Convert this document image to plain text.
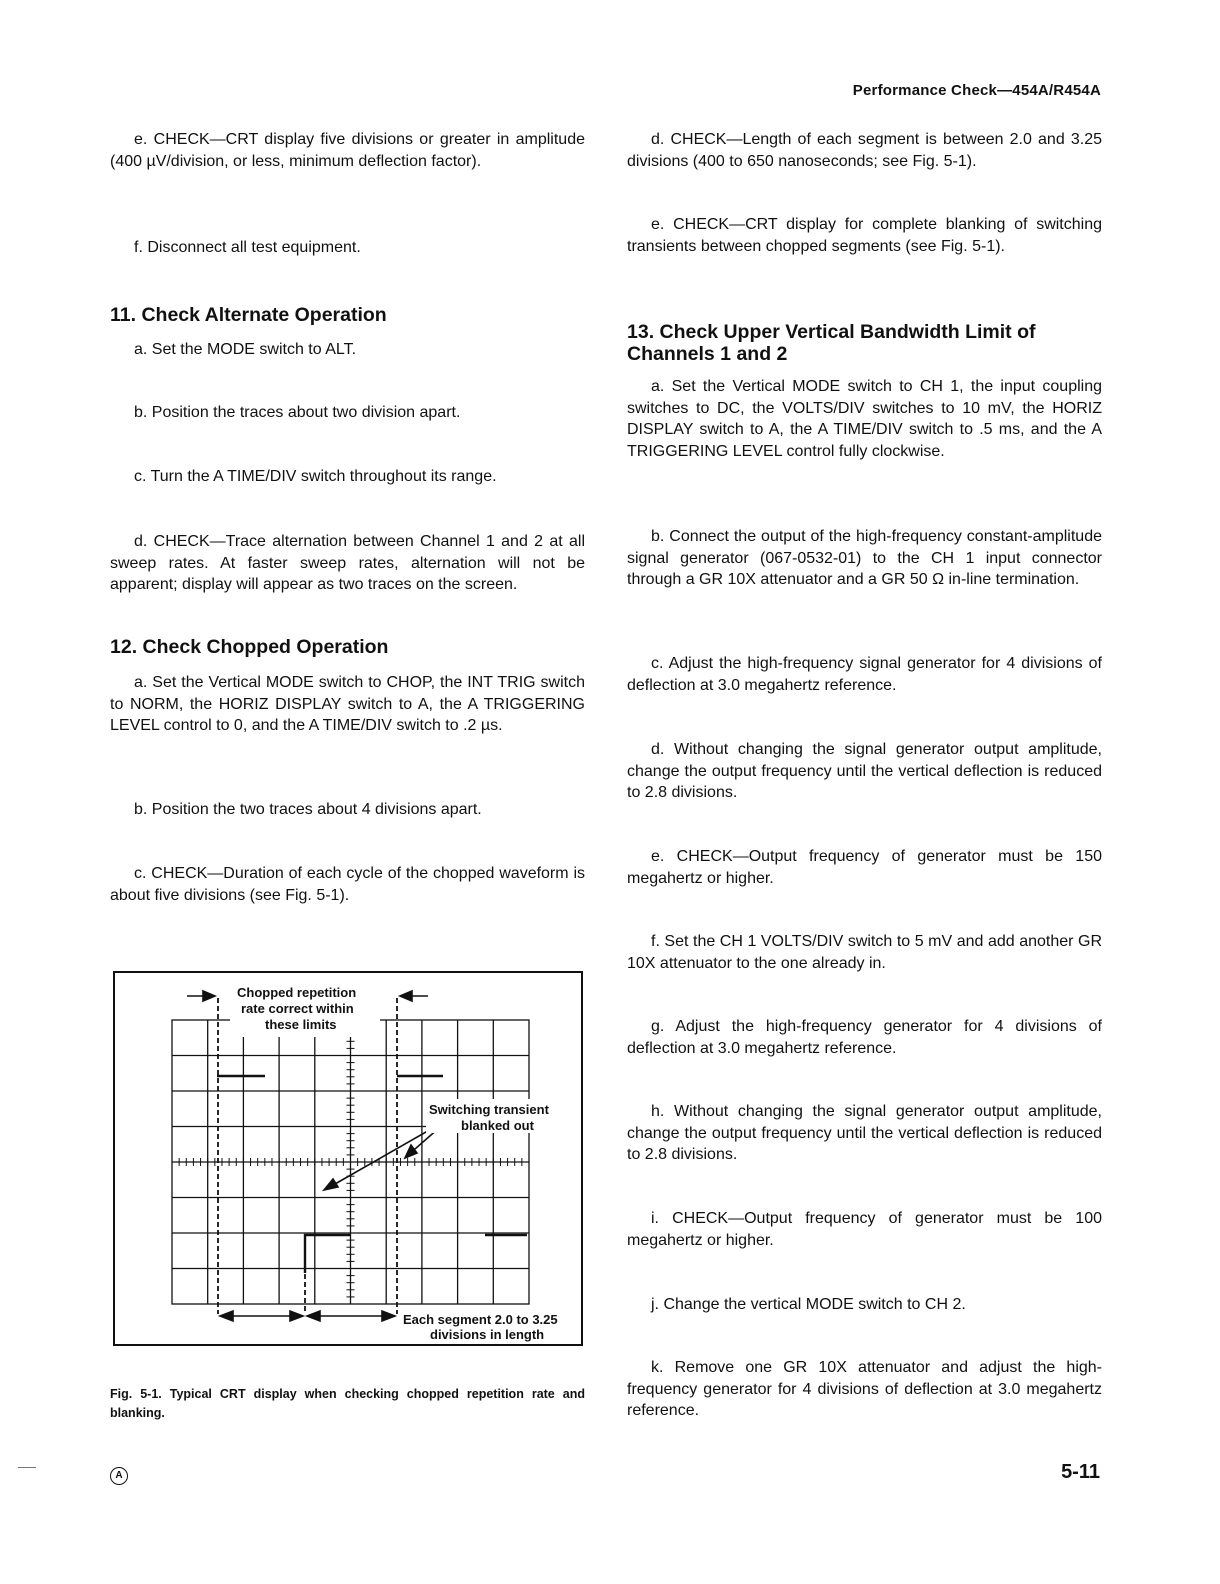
Performance Check—454A/R454A

e. CHECK—CRT display five divisions or greater in amplitude (400 µV/division, or less, minimum deflection factor).

f. Disconnect all test equipment.

11. Check Alternate Operation

a. Set the MODE switch to ALT.

b. Position the traces about two division apart.

c. Turn the A TIME/DIV switch throughout its range.

d. CHECK—Trace alternation between Channel 1 and 2 at all sweep rates. At faster sweep rates, alternation will not be apparent; display will appear as two traces on the screen.

12. Check Chopped Operation

a. Set the Vertical MODE switch to CHOP, the INT TRIG switch to NORM, the HORIZ DISPLAY switch to A, the A TRIGGERING LEVEL control to 0, and the A TIME/DIV switch to .2 µs.

b. Position the two traces about 4 divisions apart.

c. CHECK—Duration of each cycle of the chopped waveform is about five divisions (see Fig. 5-1).

Fig. 5-1. Typical CRT display when checking chopped repetition rate and blanking.
Chopped repetition
rate correct within
these limits
Switching transient
blanked out
Each segment 2.0 to 3.25
divisions in length

d. CHECK—Length of each segment is between 2.0 and 3.25 divisions (400 to 650 nanoseconds; see Fig. 5-1).

e. CHECK—CRT display for complete blanking of switching transients between chopped segments (see Fig. 5-1).

13. Check Upper Vertical Bandwidth Limit of Channels 1 and 2

a. Set the Vertical MODE switch to CH 1, the input coupling switches to DC, the VOLTS/DIV switches to 10 mV, the HORIZ DISPLAY switch to A, the A TIME/DIV switch to .5 ms, and the A TRIGGERING LEVEL control fully clockwise.

b. Connect the output of the high-frequency constant-amplitude signal generator (067-0532-01) to the CH 1 input connector through a GR 10X attenuator and a GR 50 Ω in-line termination.

c. Adjust the high-frequency signal generator for 4 divisions of deflection at 3.0 megahertz reference.

d. Without changing the signal generator output amplitude, change the output frequency until the vertical deflection is reduced to 2.8 divisions.

e. CHECK—Output frequency of generator must be 150 megahertz or higher.

f. Set the CH 1 VOLTS/DIV switch to 5 mV and add another GR 10X attenuator to the one already in.

g. Adjust the high-frequency generator for 4 divisions of deflection at 3.0 megahertz reference.

h. Without changing the signal generator output amplitude, change the output frequency until the vertical deflection is reduced to 2.8 divisions.

i. CHECK—Output frequency of generator must be 100 megahertz or higher.

j. Change the vertical MODE switch to CH 2.

k. Remove one GR 10X attenuator and adjust the high-frequency generator for 4 divisions of deflection at 3.0 megahertz reference.

A	5-11
